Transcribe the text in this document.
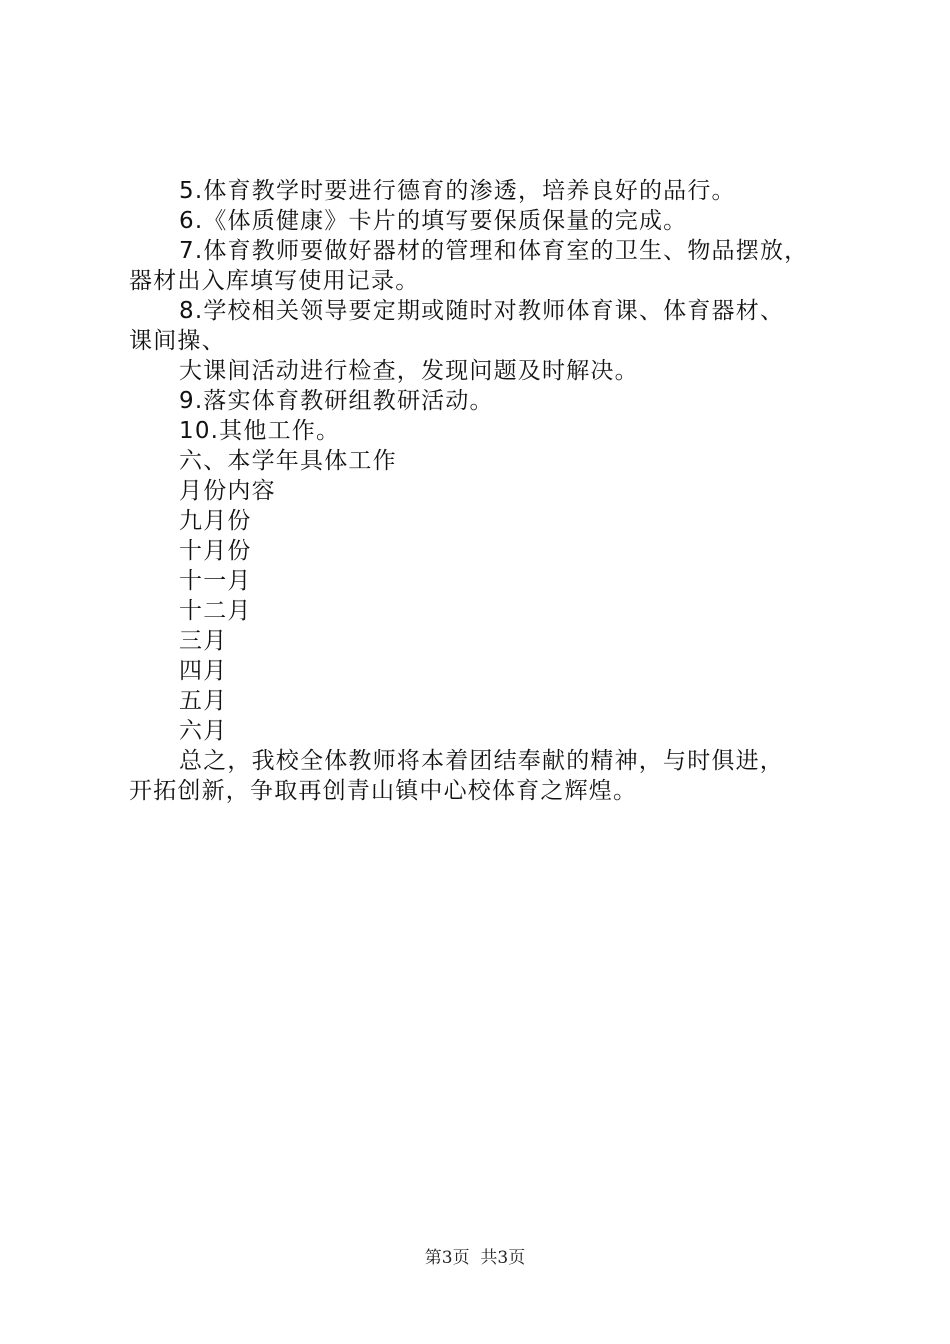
5.体育教学时要进行德育的渗透，培养良好的品行。
6.《体质健康》卡片的填写要保质保量的完成。
7.体育教师要做好器材的管理和体育室的卫生、物品摆放，
器材出入库填写使用记录。
8.学校相关领导要定期或随时对教师体育课、体育器材、
课间操、
大课间活动进行检查，发现问题及时解决。
9.落实体育教研组教研活动。
10.其他工作。
六、本学年具体工作
月份内容
九月份
十月份
十一月
十二月
三月
四月
五月
六月
总之，我校全体教师将本着团结奉献的精神，与时俱进，
开拓创新，争取再创青山镇中心校体育之辉煌。
第3页  共3页
